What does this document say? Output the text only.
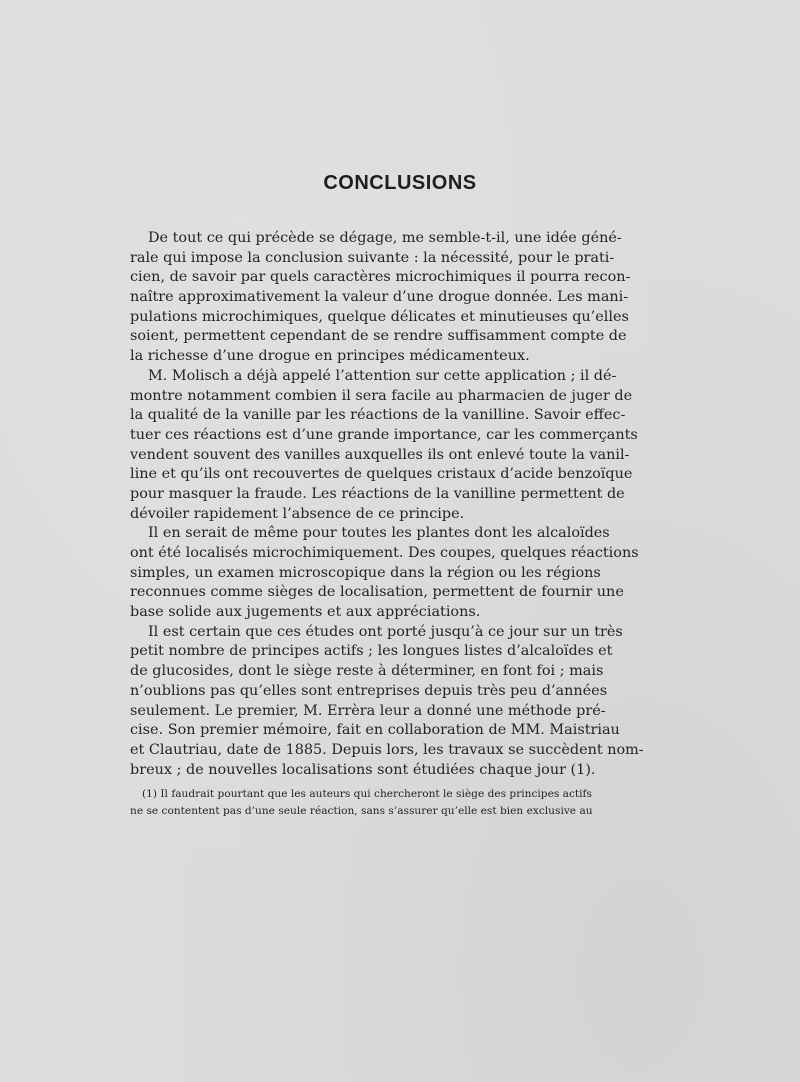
CONCLUSIONS
De tout ce qui précède se dégage, me semble-t-il, une idée géné-
rale qui impose la conclusion suivante : la nécessité, pour le prati-
cien, de savoir par quels caractères microchimiques il pourra recon-
naître approximativement la valeur d’une drogue donnée. Les mani-
pulations microchimiques, quelque délicates et minutieuses qu’elles
soient, permettent cependant de se rendre suffisamment compte de
la richesse d’une drogue en principes médicamenteux.
M. Molisch a déjà appelé l’attention sur cette application ; il dé-
montre notamment combien il sera facile au pharmacien de juger de
la qualité de la vanille par les réactions de la vanilline. Savoir effec-
tuer ces réactions est d’une grande importance, car les commerçants
vendent souvent des vanilles auxquelles ils ont enlevé toute la vanil-
line et qu’ils ont recouvertes de quelques cristaux d’acide benzoïque
pour masquer la fraude. Les réactions de la vanilline permettent de
dévoiler rapidement l’absence de ce principe.
Il en serait de même pour toutes les plantes dont les alcaloïdes
ont été localisés microchimiquement. Des coupes, quelques réactions
simples, un examen microscopique dans la région ou les régions
reconnues comme sièges de localisation, permettent de fournir une
base solide aux jugements et aux appréciations.
Il est certain que ces études ont porté jusqu’à ce jour sur un très
petit nombre de principes actifs ; les longues listes d’alcaloïdes et
de glucosides, dont le siège reste à déterminer, en font foi ; mais
n’oublions pas qu’elles sont entreprises depuis très peu d’années
seulement. Le premier, M. Errèra leur a donné une méthode pré-
cise. Son premier mémoire, fait en collaboration de MM. Maistriau
et Clautriau, date de 1885. Depuis lors, les travaux se succèdent nom-
breux ; de nouvelles localisations sont étudiées chaque jour (1).
(1) Il faudrait pourtant que les auteurs qui chercheront le siège des principes actifs
ne se contentent pas d’une seule réaction, sans s’assurer qu’elle est bien exclusive au
